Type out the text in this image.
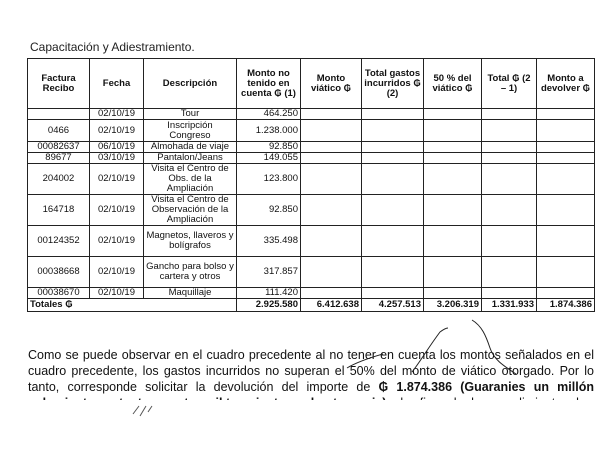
Capacitación y Adiestramiento.
Factura Recibo	Fecha	Descripción	Monto no tenido en cuenta ₲ (1)	Monto viático ₲	Total gastos incurridos ₲ (2)	50 % del viático ₲	Total ₲ (2 – 1)	Monto a devolver ₲
	02/10/19	Tour	464.250					
0466	02/10/19	Inscripción Congreso	1.238.000					
00082637	06/10/19	Almohada de viaje	92.850					
89677	03/10/19	Pantalon/Jeans	149.055					
204002	02/10/19	Visita el Centro de Obs. de la Ampliación	123.800					
164718	02/10/19	Visita el Centro de Observación de la Ampliación	92.850					
00124352	02/10/19	Magnetos, llaveros y bolígrafos	335.498					
00038668	02/10/19	Gancho para bolso y cartera y otros	317.857					
00038670	02/10/19	Maquillaje	111.420					
Totales ₲			2.925.580	6.412.638	4.257.513	3.206.319	1.331.933	1.874.386
Como se puede observar en el cuadro precedente al no tener en cuenta los montos señalados en el cuadro precedente, los gastos incurridos no superan el 50% del monto de viático otorgado. Por lo tanto, corresponde solicitar la devolución del importe de ₲ 1.874.386 (Guaranies un millón
